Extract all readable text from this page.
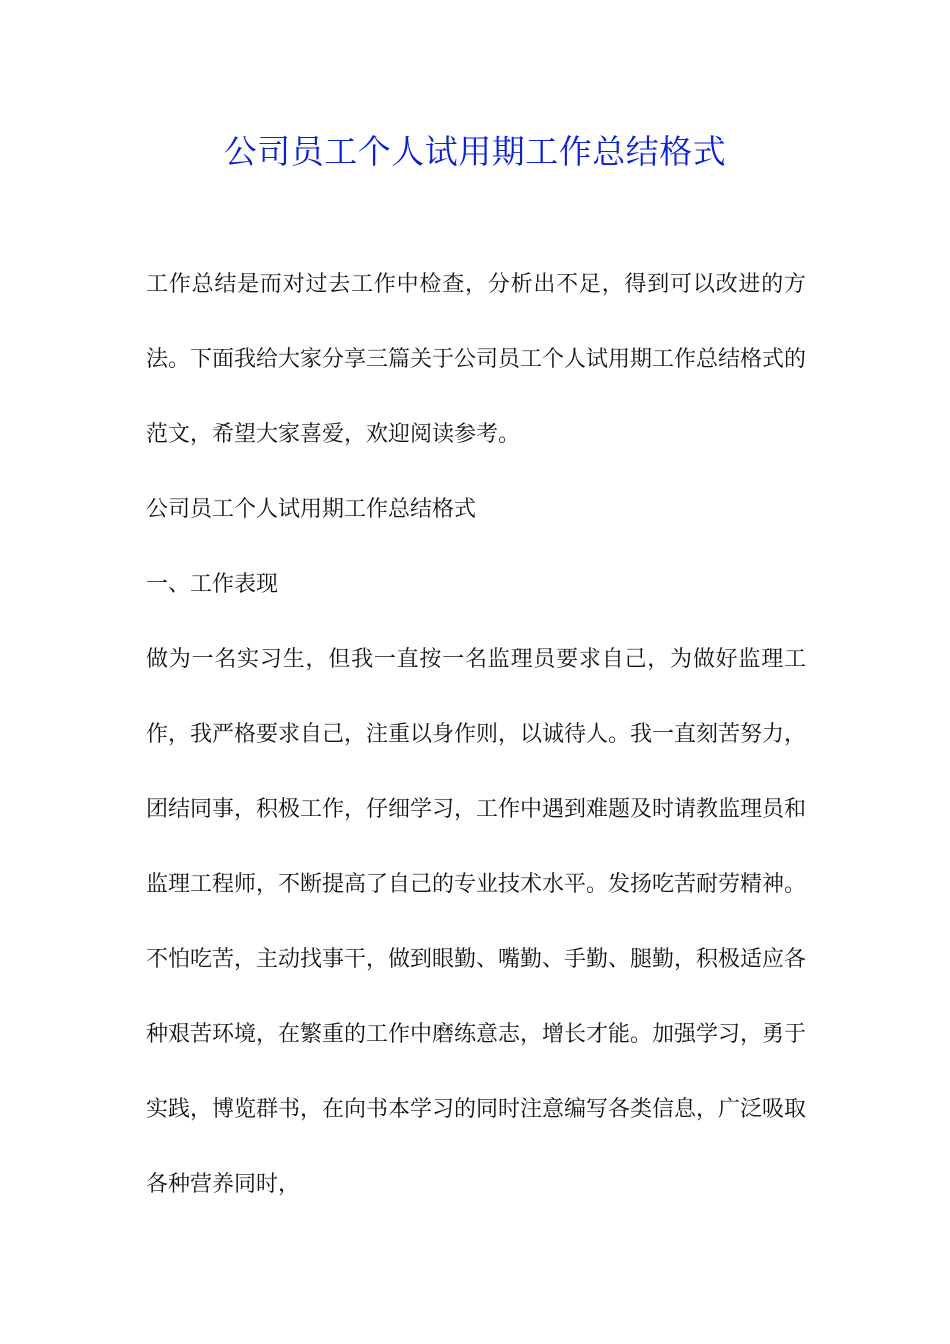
公司员工个人试用期工作总结格式

工作总结是而对过去工作中检查，分析出不足，得到可以改进的方法。下面我给大家分享三篇关于公司员工个人试用期工作总结格式的范文，希望大家喜爱，欢迎阅读参考。

公司员工个人试用期工作总结格式

一、工作表现

做为一名实习生，但我一直按一名监理员要求自己，为做好监理工作，我严格要求自己，注重以身作则，以诚待人。我一直刻苦努力，团结同事，积极工作，仔细学习，工作中遇到难题及时请教监理员和监理工程师，不断提高了自己的专业技术水平。发扬吃苦耐劳精神。不怕吃苦，主动找事干，做到眼勤、嘴勤、手勤、腿勤，积极适应各种艰苦环境，在繁重的工作中磨练意志，增长才能。加强学习，勇于实践，博览群书，在向书本学习的同时注意编写各类信息，广泛吸取各种营养同时，
